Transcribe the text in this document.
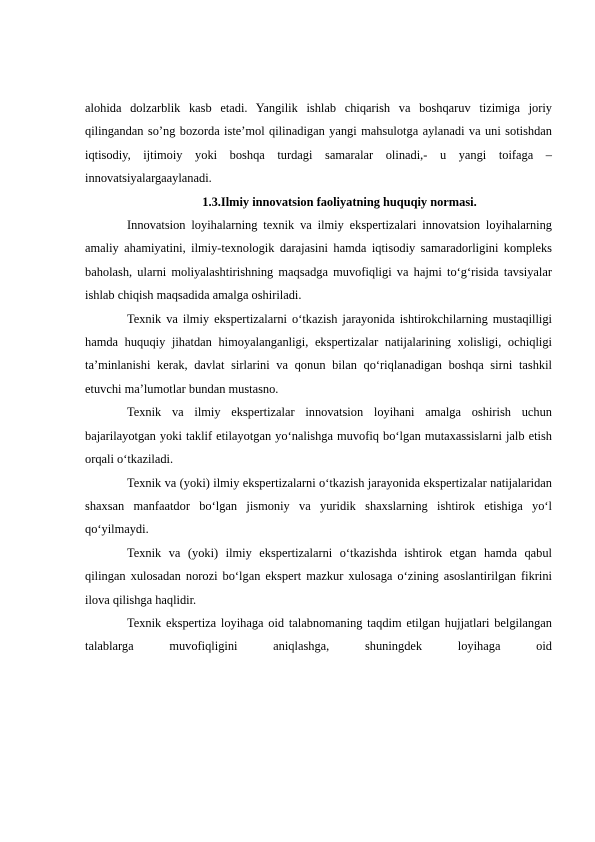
alohida dolzarblik kasb etadi. Yangilik ishlab chiqarish va boshqaruv tizimiga joriy qilingandan so’ng bozorda iste’mol qilinadigan yangi mahsulotga aylanadi va uni sotishdan iqtisodiy, ijtimoiy yoki boshqa turdagi samaralar olinadi,- u yangi toifaga –innovatsiyalargaaylanadi.

1.3.Ilmiy innovatsion faoliyatning huquqiy normasi.

Innovatsion loyihalarning texnik va ilmiy ekspertizalari innovatsion loyihalarning amaliy ahamiyatini, ilmiy-texnologik darajasini hamda iqtisodiy samaradorligini kompleks baholash, ularni moliyalashtirishning maqsadga muvofiqligi va hajmi to‘g‘risida tavsiyalar ishlab chiqish maqsadida amalga oshiriladi.

Texnik va ilmiy ekspertizalarni o‘tkazish jarayonida ishtirokchilarning mustaqilligi hamda huquqiy jihatdan himoyalanganligi, ekspertizalar natijalarining xolisligi, ochiqligi ta’minlanishi kerak, davlat sirlarini va qonun bilan qo‘riqlanadigan boshqa sirni tashkil etuvchi ma’lumotlar bundan mustasno.

Texnik va ilmiy ekspertizalar innovatsion loyihani amalga oshirish uchun bajarilayotgan yoki taklif etilayotgan yo‘nalishga muvofiq bo‘lgan mutaxassislarni jalb etish orqali o‘tkaziladi.

Texnik va (yoki) ilmiy ekspertizalarni o‘tkazish jarayonida ekspertizalar natijalaridan shaxsan manfaatdor bo‘lgan jismoniy va yuridik shaxslarning ishtirok etishiga yo‘l qo‘yilmaydi.

Texnik va (yoki) ilmiy ekspertizalarni o‘tkazishda ishtirok etgan hamda qabul qilingan xulosadan norozi bo‘lgan ekspert mazkur xulosaga o‘zining asoslantirilgan fikrini ilova qilishga haqlidir.

Texnik ekspertiza loyihaga oid talabnomaning taqdim etilgan hujjatlari belgilangan talablarga muvofiqligini aniqlashga, shuningdek loyihaga oid
